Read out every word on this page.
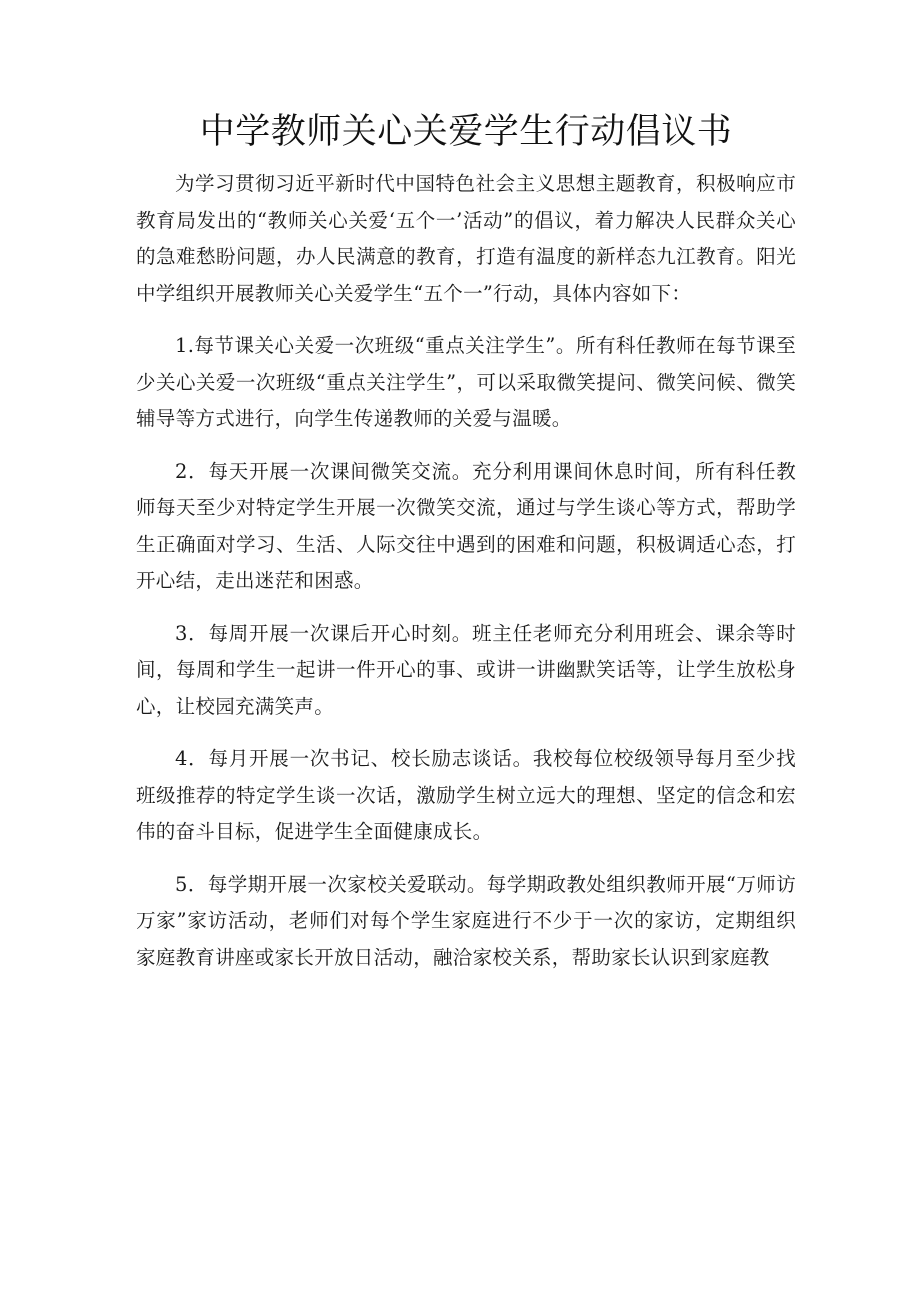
中学教师关心关爱学生行动倡议书

为学习贯彻习近平新时代中国特色社会主义思想主题教育，积极响应市教育局发出的“教师关心关爱‘五个一’活动”的倡议，着力解决人民群众关心的急难愁盼问题，办人民满意的教育，打造有温度的新样态九江教育。阳光中学组织开展教师关心关爱学生“五个一”行动，具体内容如下：

1.每节课关心关爱一次班级“重点关注学生”。所有科任教师在每节课至少关心关爱一次班级“重点关注学生”，可以采取微笑提问、微笑问候、微笑辅导等方式进行，向学生传递教师的关爱与温暖。

2．每天开展一次课间微笑交流。充分利用课间休息时间，所有科任教师每天至少对特定学生开展一次微笑交流，通过与学生谈心等方式，帮助学生正确面对学习、生活、人际交往中遇到的困难和问题，积极调适心态，打开心结，走出迷茫和困惑。

3．每周开展一次课后开心时刻。班主任老师充分利用班会、课余等时间，每周和学生一起讲一件开心的事、或讲一讲幽默笑话等，让学生放松身心，让校园充满笑声。

4．每月开展一次书记、校长励志谈话。我校每位校级领导每月至少找班级推荐的特定学生谈一次话，激励学生树立远大的理想、坚定的信念和宏伟的奋斗目标，促进学生全面健康成长。

5．每学期开展一次家校关爱联动。每学期政教处组织教师开展“万师访万家”家访活动，老师们对每个学生家庭进行不少于一次的家访，定期组织家庭教育讲座或家长开放日活动，融洽家校关系，帮助家长认识到家庭教
